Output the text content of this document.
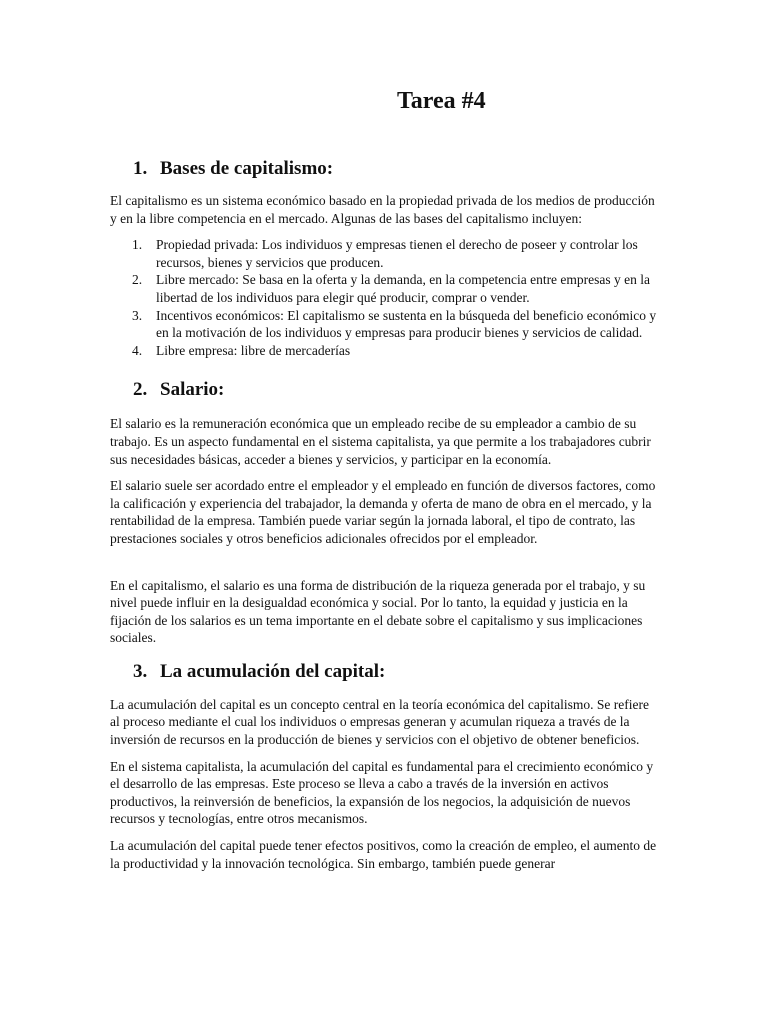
Tarea #4
1. Bases de capitalismo:

El capitalismo es un sistema económico basado en la propiedad privada de los medios de producción y en la libre competencia en el mercado. Algunas de las bases del capitalismo incluyen:

1. Propiedad privada: Los individuos y empresas tienen el derecho de poseer y controlar los recursos, bienes y servicios que producen.
2. Libre mercado: Se basa en la oferta y la demanda, en la competencia entre empresas y en la libertad de los individuos para elegir qué producir, comprar o vender.
3. Incentivos económicos: El capitalismo se sustenta en la búsqueda del beneficio económico y en la motivación de los individuos y empresas para producir bienes y servicios de calidad.
4. Libre empresa: libre de mercaderías
2. Salario:

El salario es la remuneración económica que un empleado recibe de su empleador a cambio de su trabajo. Es un aspecto fundamental en el sistema capitalista, ya que permite a los trabajadores cubrir sus necesidades básicas, acceder a bienes y servicios, y participar en la economía.

El salario suele ser acordado entre el empleador y el empleado en función de diversos factores, como la calificación y experiencia del trabajador, la demanda y oferta de mano de obra en el mercado, y la rentabilidad de la empresa. También puede variar según la jornada laboral, el tipo de contrato, las prestaciones sociales y otros beneficios adicionales ofrecidos por el empleador.

En el capitalismo, el salario es una forma de distribución de la riqueza generada por el trabajo, y su nivel puede influir en la desigualdad económica y social. Por lo tanto, la equidad y justicia en la fijación de los salarios es un tema importante en el debate sobre el capitalismo y sus implicaciones sociales.

3. La acumulación del capital:

La acumulación del capital es un concepto central en la teoría económica del capitalismo. Se refiere al proceso mediante el cual los individuos o empresas generan y acumulan riqueza a través de la inversión de recursos en la producción de bienes y servicios con el objetivo de obtener beneficios.

En el sistema capitalista, la acumulación del capital es fundamental para el crecimiento económico y el desarrollo de las empresas. Este proceso se lleva a cabo a través de la inversión en activos productivos, la reinversión de beneficios, la expansión de los negocios, la adquisición de nuevos recursos y tecnologías, entre otros mecanismos.

La acumulación del capital puede tener efectos positivos, como la creación de empleo, el aumento de la productividad y la innovación tecnológica. Sin embargo, también puede generar
